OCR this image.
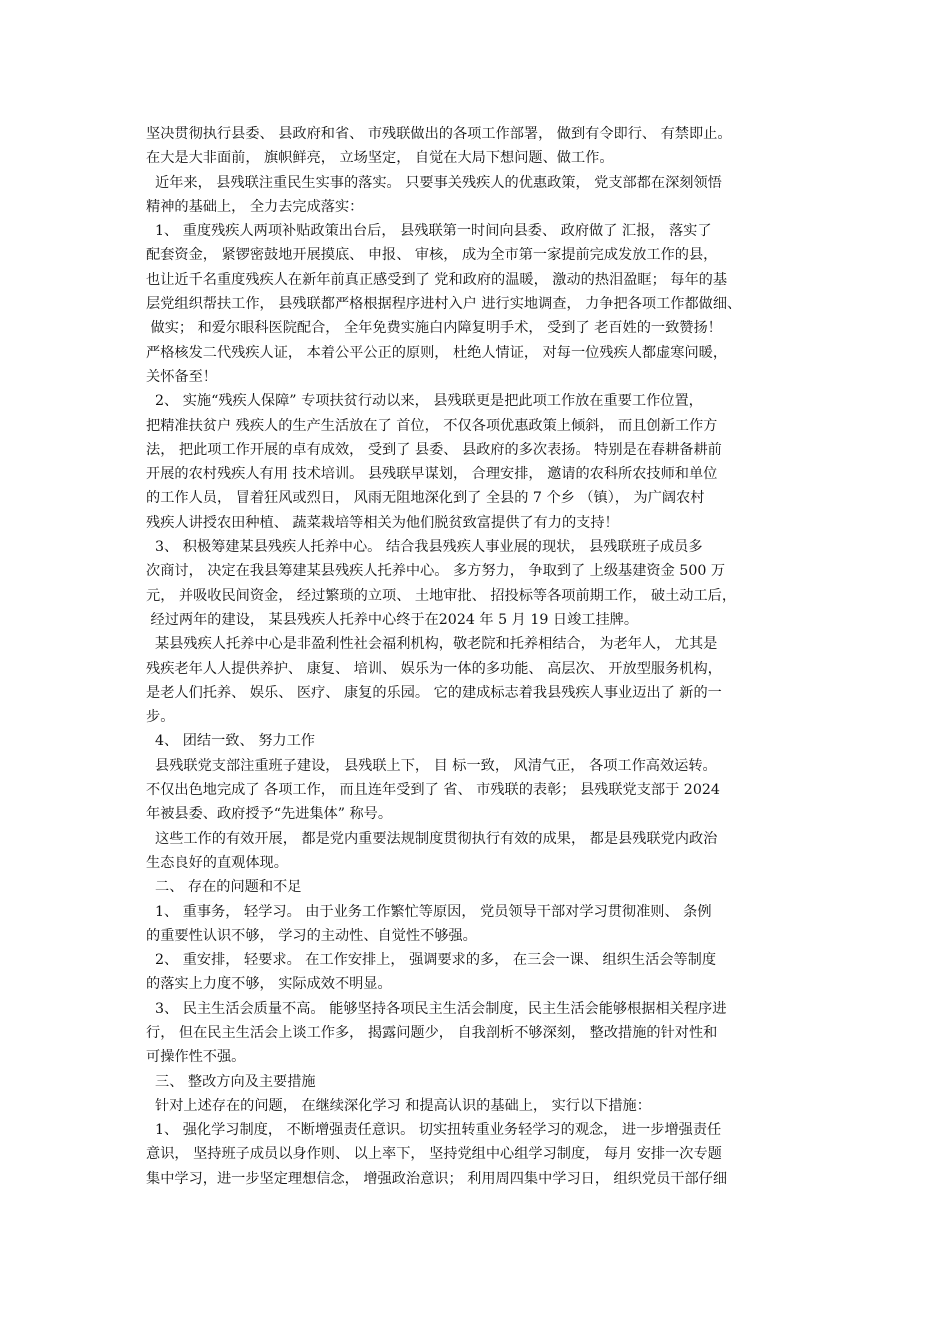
坚决贯彻执行县委、 县政府和省、 市残联做出的各项工作部署， 做到有令即行、 有禁即止。
在大是大非面前， 旗帜鲜亮， 立场坚定， 自觉在大局下想问题、做工作。
近年来， 县残联注重民生实事的落实。 只要事关残疾人的优惠政策， 党支部都在深刻领悟
精神的基础上， 全力去完成落实：
1、 重度残疾人两项补贴政策出台后， 县残联第一时间向县委、 政府做了 汇报， 落实了
配套资金， 紧锣密鼓地开展摸底、 申报、 审核， 成为全市第一家提前完成发放工作的县，
也让近千名重度残疾人在新年前真正感受到了 党和政府的温暖， 激动的热泪盈眶； 每年的基
层党组织帮扶工作， 县残联都严格根据程序进村入户 进行实地调查， 力争把各项工作都做细、
做实； 和爱尔眼科医院配合， 全年免费实施白内障复明手术， 受到了 老百姓的一致赞扬！
严格核发二代残疾人证， 本着公平公正的原则， 杜绝人情证， 对每一位残疾人都虚寒问暖，
关怀备至！
2、 实施“残疾人保障” 专项扶贫行动以来， 县残联更是把此项工作放在重要工作位置，
把精准扶贫户 残疾人的生产生活放在了 首位， 不仅各项优惠政策上倾斜， 而且创新工作方
法， 把此项工作开展的卓有成效， 受到了 县委、 县政府的多次表扬。 特别是在春耕备耕前
开展的农村残疾人有用 技术培训。 县残联早谋划， 合理安排， 邀请的农科所农技师和单位
的工作人员， 冒着狂风或烈日， 风雨无阻地深化到了 全县的 7 个乡 （镇）， 为广阔农村
残疾人讲授农田种植、 蔬菜栽培等相关为他们脱贫致富提供了有力的支持！
3、 积极筹建某县残疾人托养中心。 结合我县残疾人事业展的现状， 县残联班子成员多
次商讨， 决定在我县筹建某县残疾人托养中心。 多方努力， 争取到了 上级基建资金 500 万
元， 并吸收民间资金， 经过繁琐的立项、 土地审批、 招投标等各项前期工作， 破土动工后，
经过两年的建设， 某县残疾人托养中心终于在2024 年 5 月 19 日竣工挂牌。
某县残疾人托养中心是非盈利性社会福利机构，敬老院和托养相结合， 为老年人， 尤其是
残疾老年人人提供养护、 康复、 培训、 娱乐为一体的多功能、 高层次、 开放型服务机构，
是老人们托养、 娱乐、 医疗、 康复的乐园。 它的建成标志着我县残疾人事业迈出了 新的一
步。
4、 团结一致、 努力工作
县残联党支部注重班子建设， 县残联上下， 目 标一致， 风清气正， 各项工作高效运转。
不仅出色地完成了 各项工作， 而且连年受到了 省、 市残联的表彰； 县残联党支部于 2024
年被县委、政府授予“先进集体” 称号。
这些工作的有效开展， 都是党内重要法规制度贯彻执行有效的成果， 都是县残联党内政治
生态良好的直观体现。
二、 存在的问题和不足
1、 重事务， 轻学习。 由于业务工作繁忙等原因， 党员领导干部对学习贯彻准则、 条例
的重要性认识不够， 学习的主动性、自觉性不够强。
2、 重安排， 轻要求。 在工作安排上， 强调要求的多， 在三会一课、 组织生活会等制度
的落实上力度不够， 实际成效不明显。
3、 民主生活会质量不高。 能够坚持各项民主生活会制度，民主生活会能够根据相关程序进
行， 但在民主生活会上谈工作多， 揭露问题少， 自我剖析不够深刻， 整改措施的针对性和
可操作性不强。
三、 整改方向及主要措施
针对上述存在的问题， 在继续深化学习 和提高认识的基础上， 实行以下措施：
1、 强化学习制度， 不断增强责任意识。 切实扭转重业务轻学习的观念， 进一步增强责任
意识， 坚持班子成员以身作则、 以上率下， 坚持党组中心组学习制度， 每月 安排一次专题
集中学习，进一步坚定理想信念， 增强政治意识； 利用周四集中学习日， 组织党员干部仔细
